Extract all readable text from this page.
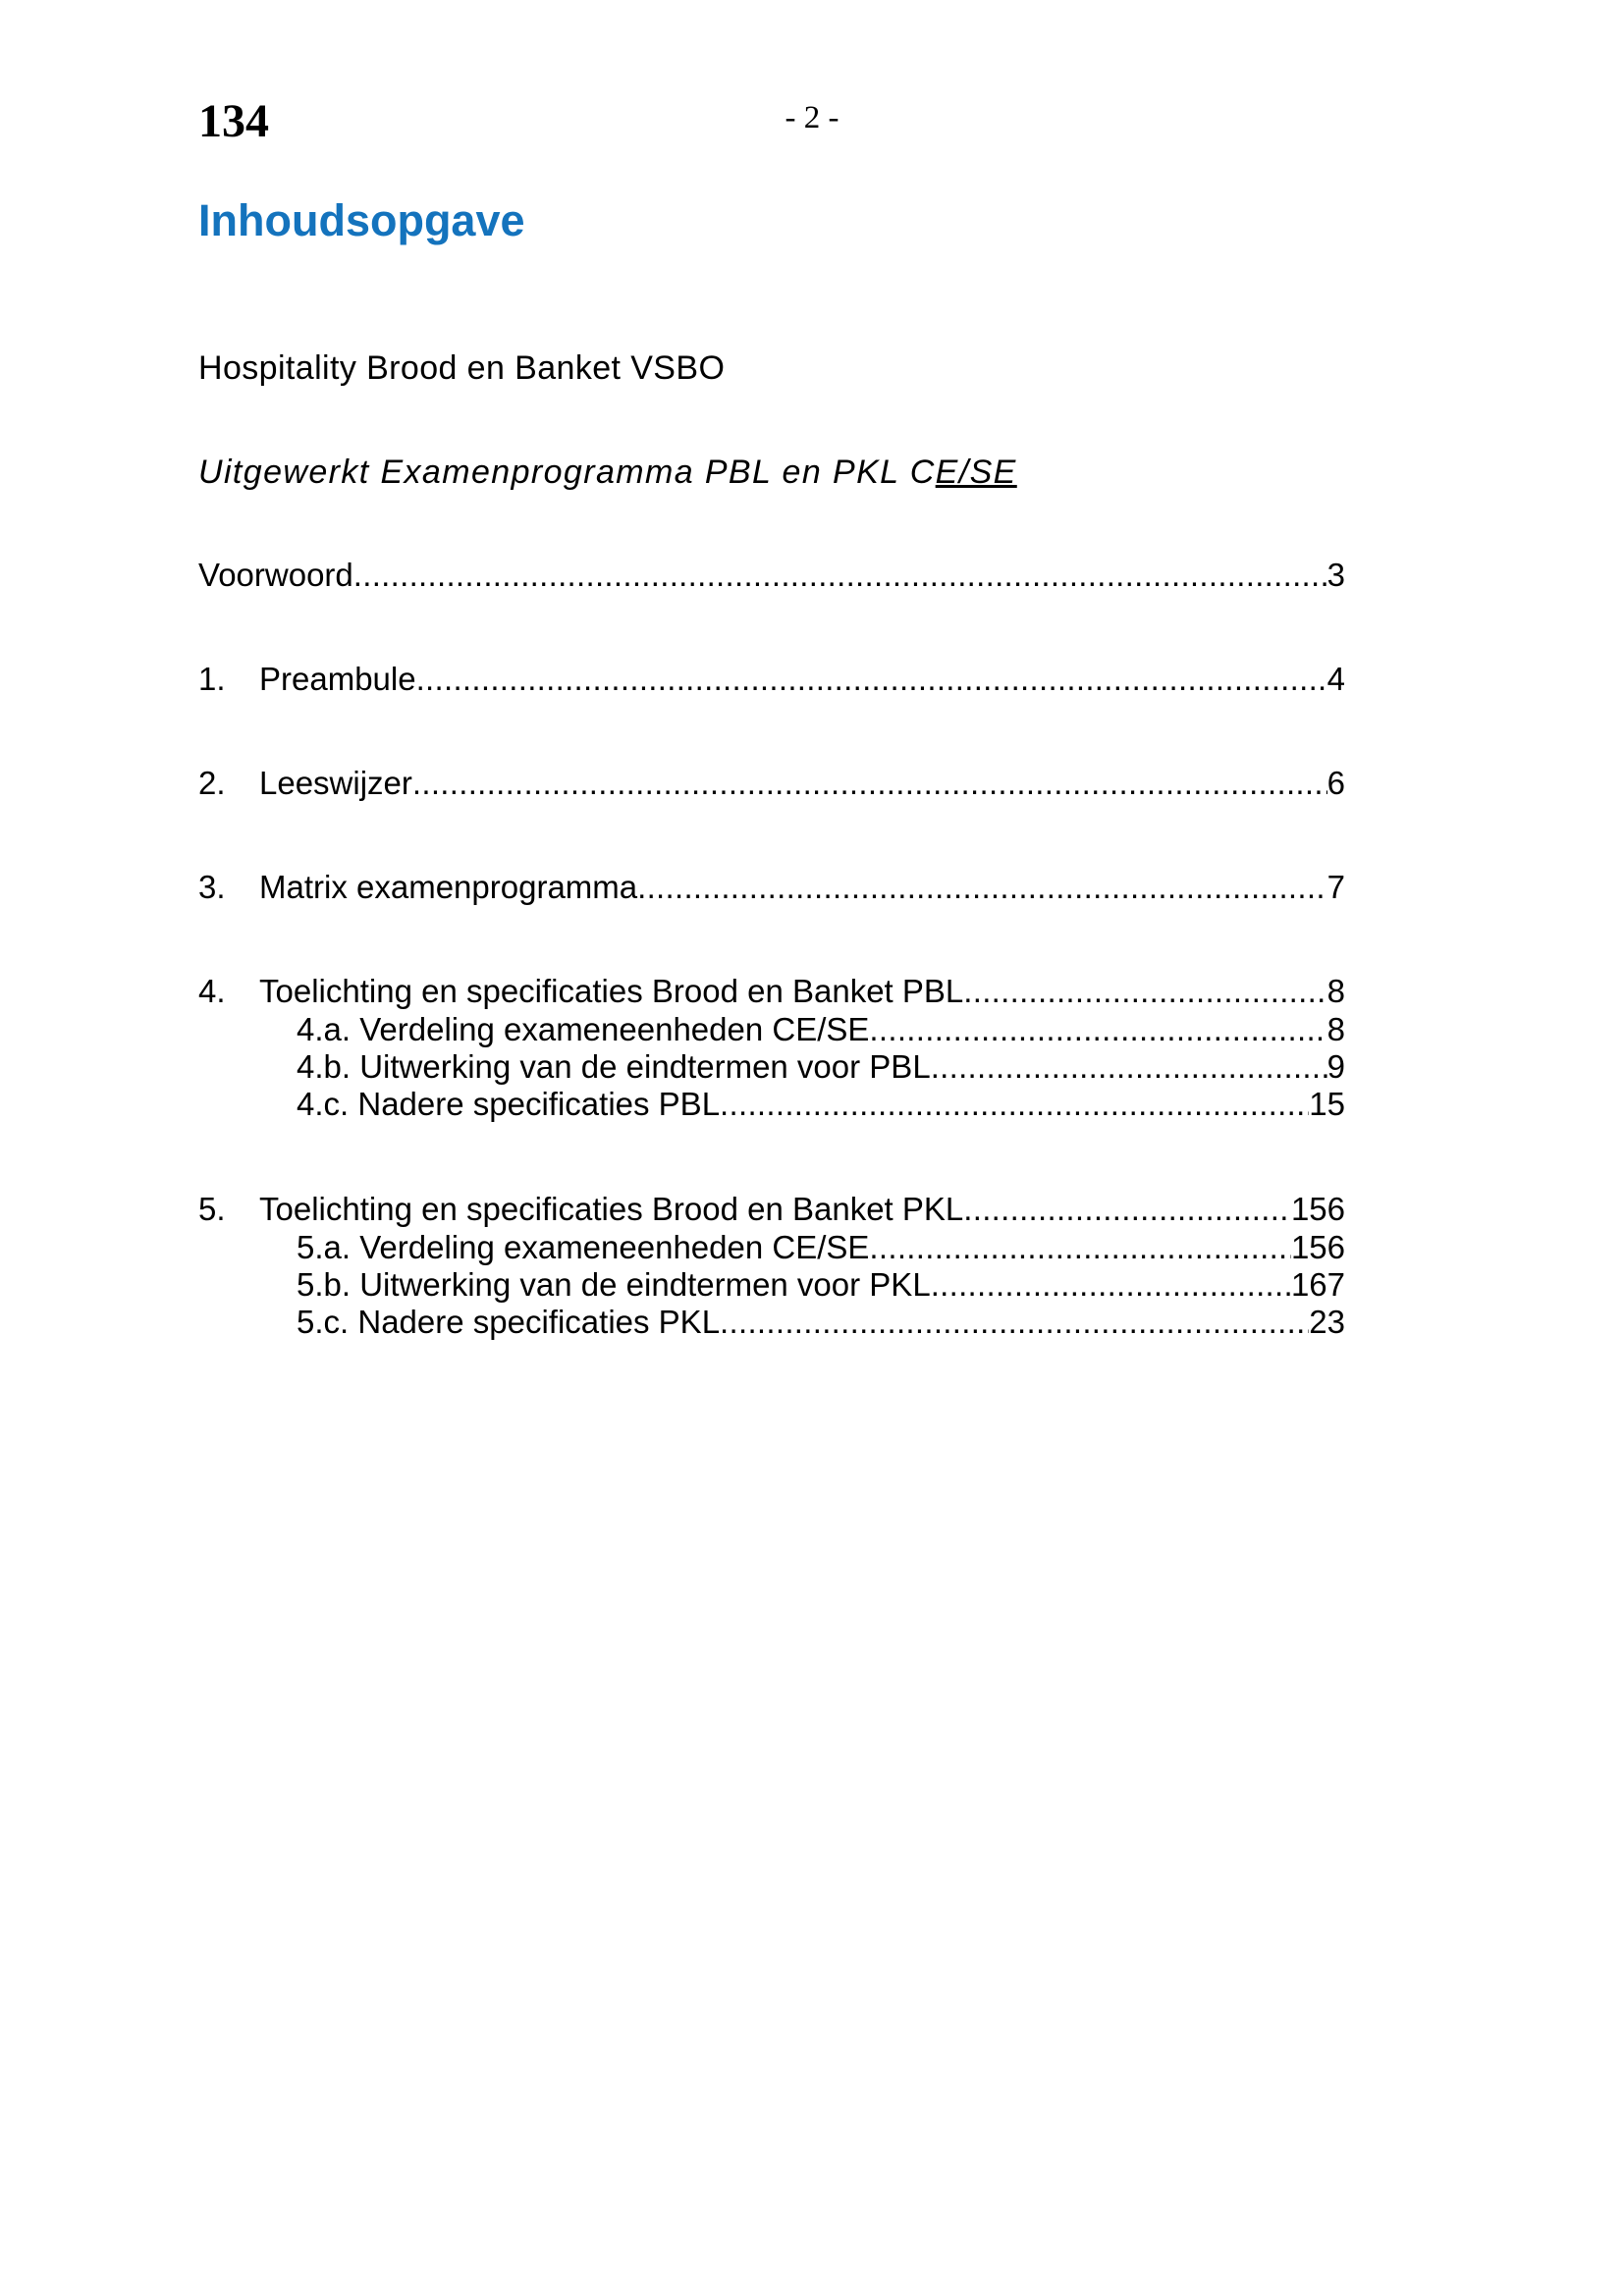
134	- 2 -
Inhoudsopgave
Hospitality Brood en Banket VSBO
Uitgewerkt Examenprogramma PBL en PKL CE/SE
Voorwoord .....	3
1.	Preambule .....	4
2.	Leeswijzer .....	6
3.	Matrix examenprogramma .....	7
4.	Toelichting en specificaties Brood en Banket PBL .....	8
4.a. Verdeling exameneenheden CE/SE .....	8
4.b. Uitwerking van de eindtermen voor PBL .....	9
4.c. Nadere specificaties PBL .....	15
5.	Toelichting en specificaties Brood en Banket PKL .....	156
5.a. Verdeling exameneenheden CE/SE .....	156
5.b. Uitwerking van de eindtermen voor PKL .....	167
5.c. Nadere specificaties PKL .....	23
